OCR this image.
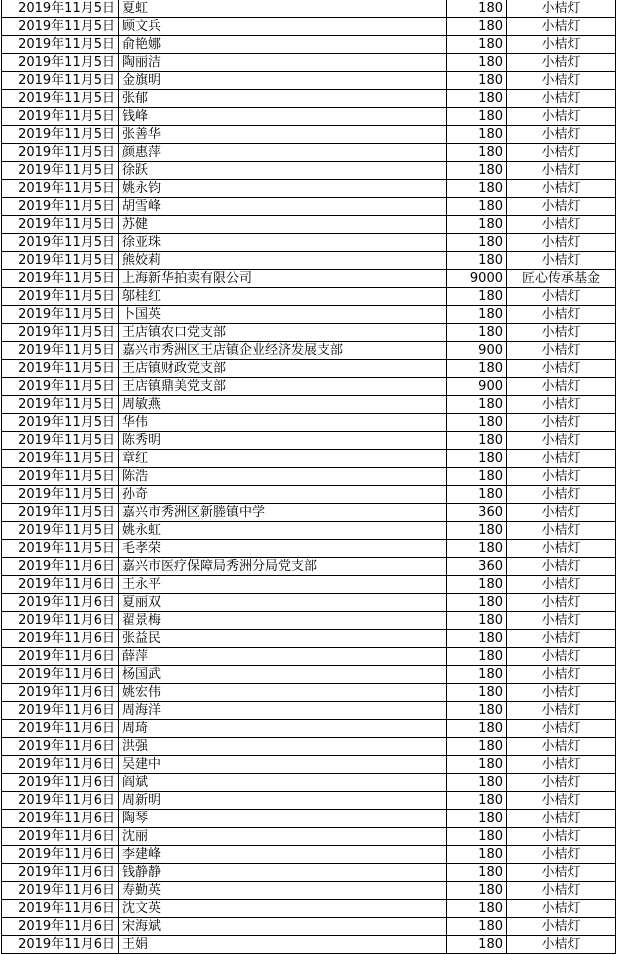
2019年11月5日	夏虹	180	小桔灯
2019年11月5日	顾文兵	180	小桔灯
2019年11月5日	俞艳娜	180	小桔灯
2019年11月5日	陶丽洁	180	小桔灯
2019年11月5日	金旗明	180	小桔灯
2019年11月5日	张郁	180	小桔灯
2019年11月5日	钱峰	180	小桔灯
2019年11月5日	张善华	180	小桔灯
2019年11月5日	颜惠萍	180	小桔灯
2019年11月5日	徐跃	180	小桔灯
2019年11月5日	姚永钧	180	小桔灯
2019年11月5日	胡雪峰	180	小桔灯
2019年11月5日	苏健	180	小桔灯
2019年11月5日	徐亚珠	180	小桔灯
2019年11月5日	熊姣莉	180	小桔灯
2019年11月5日	上海新华拍卖有限公司	9000	匠心传承基金
2019年11月5日	邬桂红	180	小桔灯
2019年11月5日	卜国英	180	小桔灯
2019年11月5日	王店镇农口党支部	180	小桔灯
2019年11月5日	嘉兴市秀洲区王店镇企业经济发展支部	900	小桔灯
2019年11月5日	王店镇财政党支部	180	小桔灯
2019年11月5日	王店镇鼎美党支部	900	小桔灯
2019年11月5日	周敏燕	180	小桔灯
2019年11月5日	华伟	180	小桔灯
2019年11月5日	陈秀明	180	小桔灯
2019年11月5日	章红	180	小桔灯
2019年11月5日	陈浩	180	小桔灯
2019年11月5日	孙奇	180	小桔灯
2019年11月5日	嘉兴市秀洲区新塍镇中学	360	小桔灯
2019年11月5日	姚永虹	180	小桔灯
2019年11月5日	毛孝荣	180	小桔灯
2019年11月6日	嘉兴市医疗保障局秀洲分局党支部	360	小桔灯
2019年11月6日	王永平	180	小桔灯
2019年11月6日	夏丽双	180	小桔灯
2019年11月6日	翟景梅	180	小桔灯
2019年11月6日	张益民	180	小桔灯
2019年11月6日	薛萍	180	小桔灯
2019年11月6日	杨国武	180	小桔灯
2019年11月6日	姚宏伟	180	小桔灯
2019年11月6日	周海洋	180	小桔灯
2019年11月6日	周琦	180	小桔灯
2019年11月6日	洪强	180	小桔灯
2019年11月6日	吴建中	180	小桔灯
2019年11月6日	阎斌	180	小桔灯
2019年11月6日	周新明	180	小桔灯
2019年11月6日	陶琴	180	小桔灯
2019年11月6日	沈丽	180	小桔灯
2019年11月6日	李建峰	180	小桔灯
2019年11月6日	钱静静	180	小桔灯
2019年11月6日	寿勤英	180	小桔灯
2019年11月6日	沈文英	180	小桔灯
2019年11月6日	宋海斌	180	小桔灯
2019年11月6日	王娟	180	小桔灯
